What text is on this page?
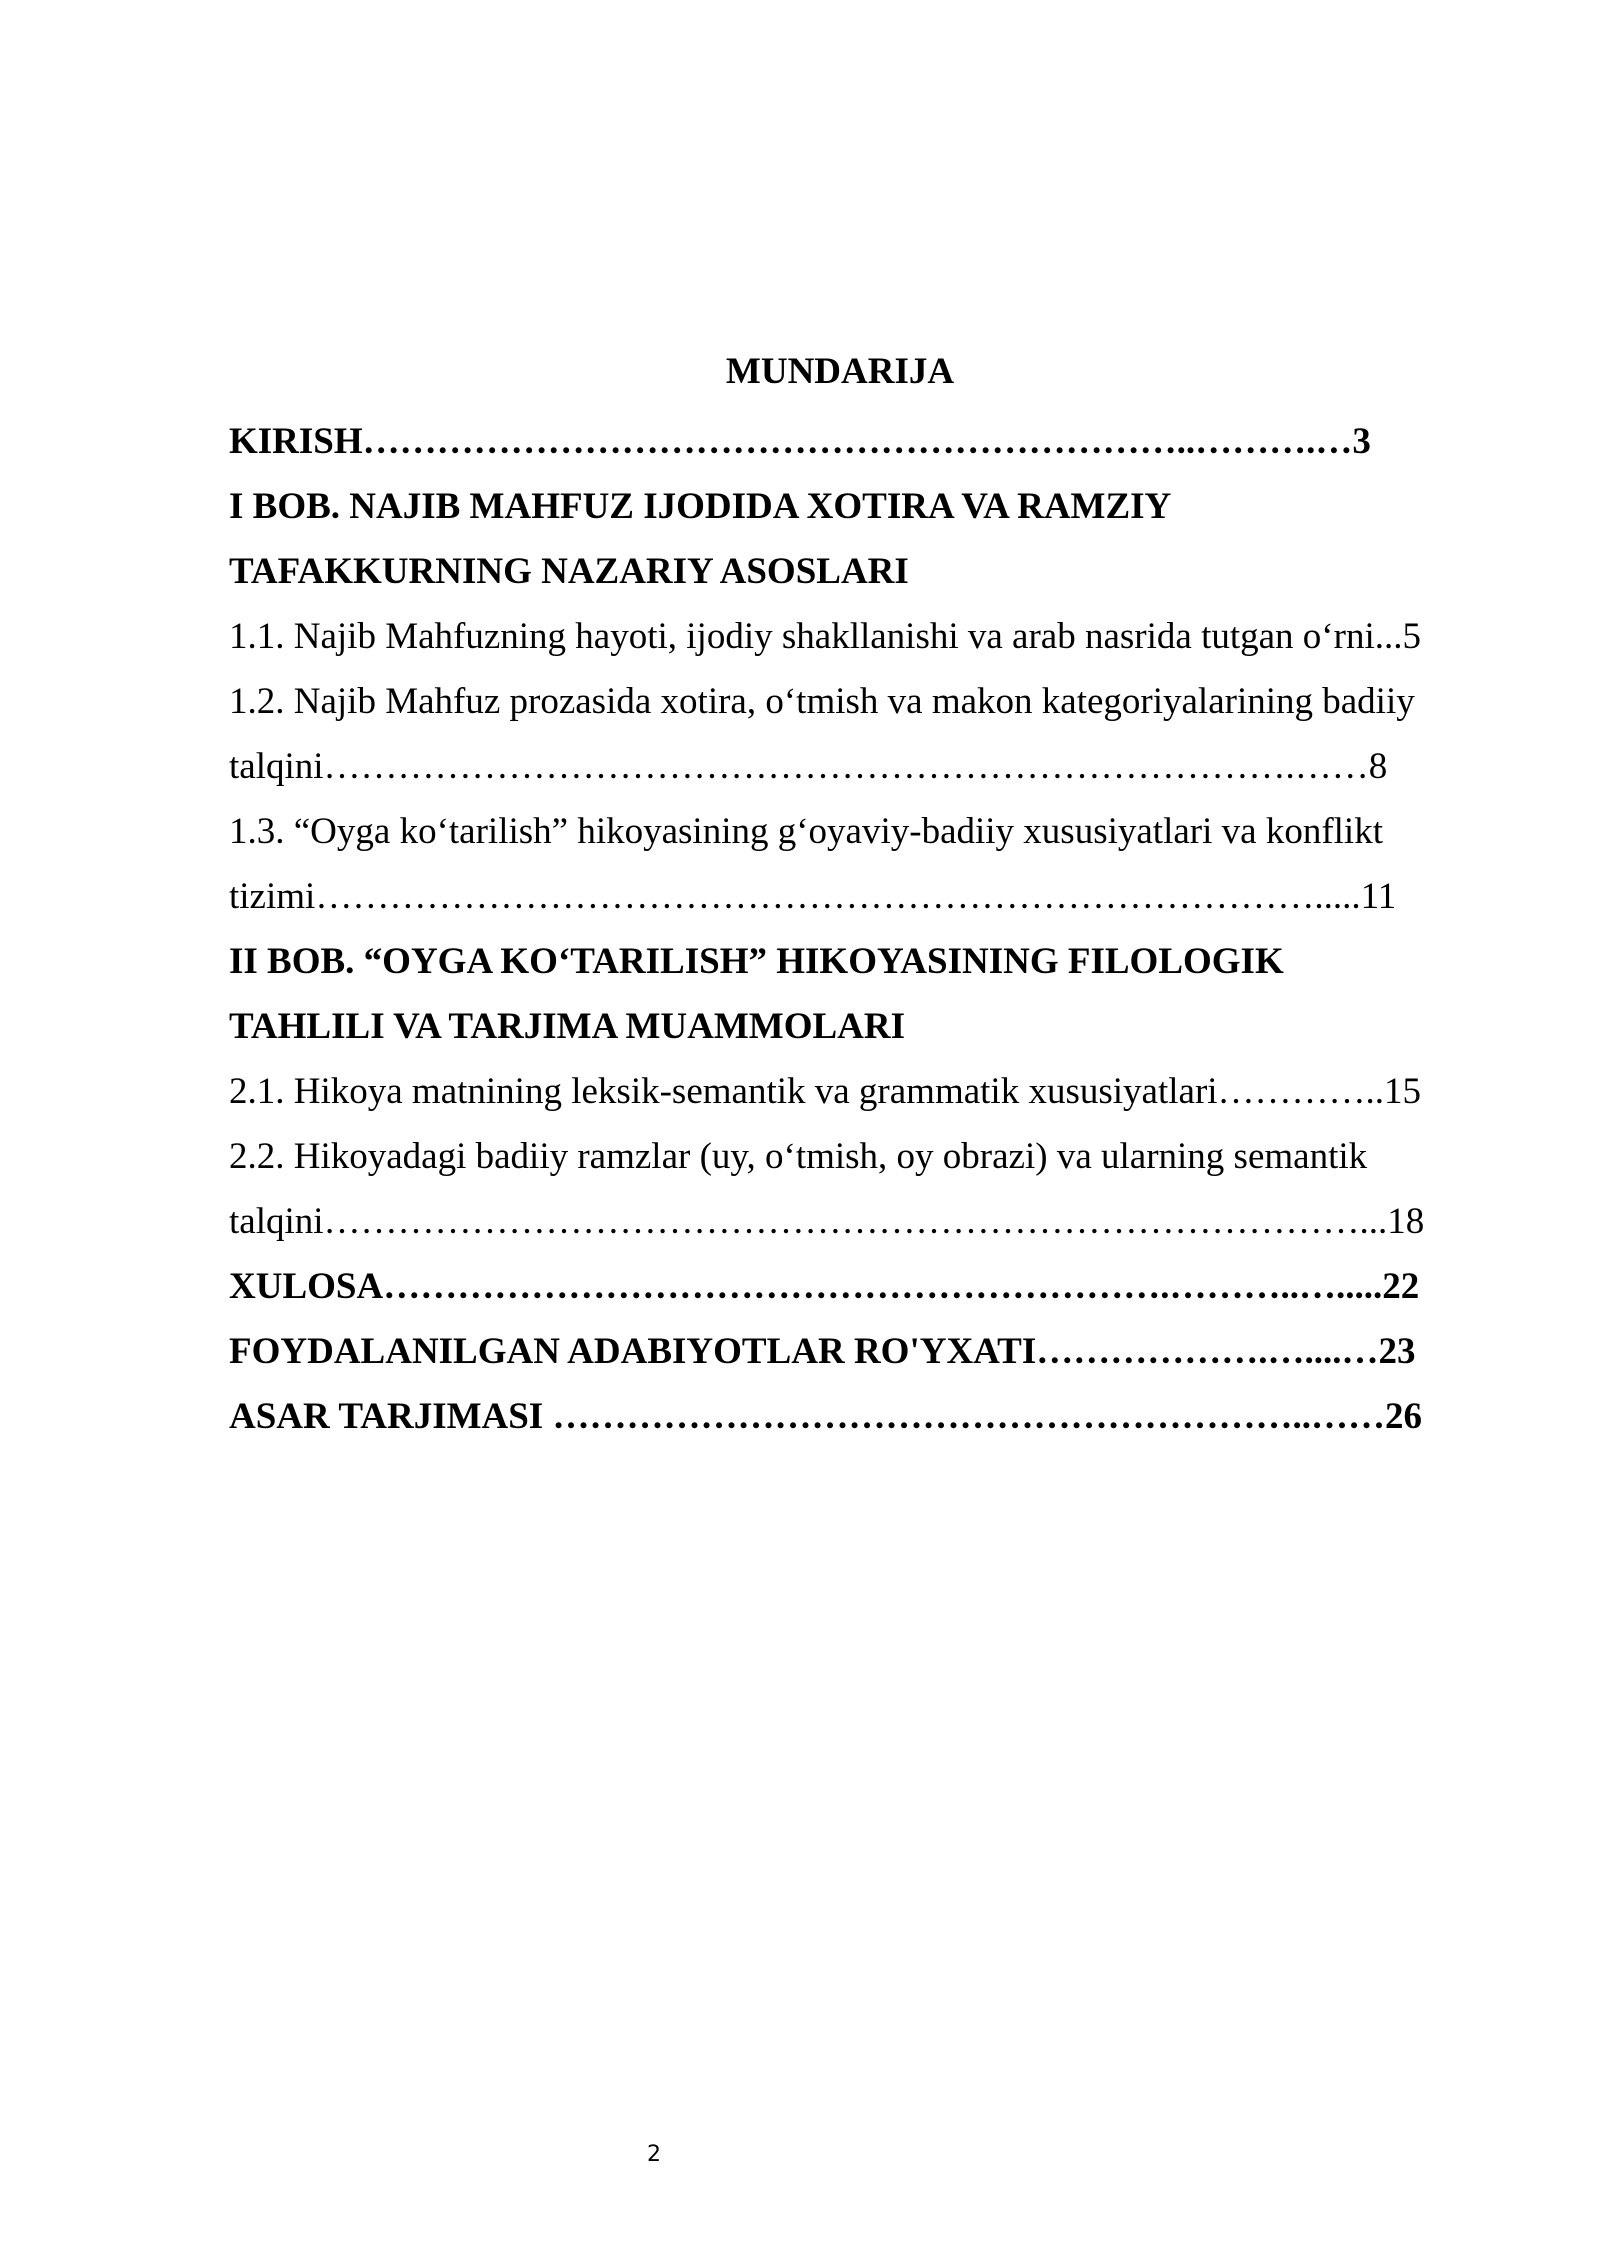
MUNDARIJA
KIRISH…………………………………………………………..……….…3
I BOB. NAJIB MAHFUZ IJODIDA XOTIRA VA RAMZIY
TAFAKKURNING NAZARIY ASOSLARI
1.1. Najib Mahfuzning hayoti, ijodiy shakllanishi va arab nasrida tutgan o‘rni...5
1.2. Najib Mahfuz prozasida xotira, o‘tmish va makon kategoriyalarining badiiy
talqini…………………………………………………………………….……8
1.3. “Oyga ko‘tarilish” hikoyasining g‘oyaviy-badiiy xususiyatlari va konflikt
tizimi……………………………………………………………………….....11
II BOB. “OYGA KO‘TARILISH” HIKOYASINING FILOLOGIK
TAHLILI VA TARJIMA MUAMMOLARI
2.1. Hikoya matnining leksik-semantik va grammatik xususiyatlari…………..15
2.2. Hikoyadagi badiiy ramzlar (uy, o‘tmish, oy obrazi) va ularning semantik
talqini…………………………………………………………………………...18
XULOSA……………………………………………………….………..….....22
FOYDALANILGAN ADABIYOTLAR RO'YXATI……………….…....…23
ASAR TARJIMASI ……………………………………………………..……26
2
